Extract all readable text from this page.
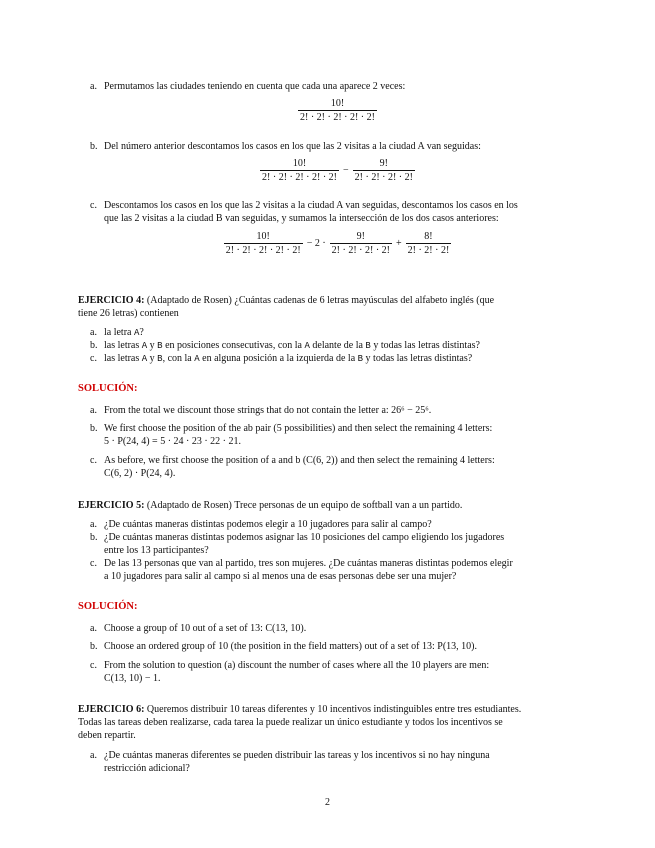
a. Permutamos las ciudades teniendo en cuenta que cada una aparece 2 veces:
$\frac{10!}{2! \cdot 2! \cdot 2! \cdot 2! \cdot 2!}$
b. Del número anterior descontamos los casos en los que las 2 visitas a la ciudad A van seguidas:
$\frac{10!}{2! \cdot 2! \cdot 2! \cdot 2! \cdot 2!} - \frac{9!}{2! \cdot 2! \cdot 2! \cdot 2!}$
c. Descontamos los casos en los que las 2 visitas a la ciudad A van seguidas, descontamos los casos en los
que las 2 visitas a la ciudad B van seguidas, y sumamos la intersección de los dos casos anteriores:
$\frac{10!}{2! \cdot 2! \cdot 2! \cdot 2! \cdot 2!} - 2 \cdot \frac{9!}{2! \cdot 2! \cdot 2! \cdot 2!} + \frac{8!}{2! \cdot 2! \cdot 2!}$
EJERCICIO 4: (Adaptado de Rosen) ¿Cuántas cadenas de 6 letras mayúsculas del alfabeto inglés (que
tiene 26 letras) contienen
a. la letra A?
b. las letras A y B en posiciones consecutivas, con la A delante de la B y todas las letras distintas?
c. las letras A y B, con la A en alguna posición a la izquierda de la B y todas las letras distintas?
SOLUCIÓN:
a. From the total we discount those strings that do not contain the letter a: 26⁶ − 25⁶.
b. We first choose the position of the ab pair (5 possibilities) and then select the remaining 4 letters:
5 · P(24, 4) = 5 · 24 · 23 · 22 · 21.
c. As before, we first choose the position of a and b (C(6, 2)) and then select the remaining 4 letters:
C(6, 2) · P(24, 4).
EJERCICIO 5: (Adaptado de Rosen) Trece personas de un equipo de softball van a un partido.
a. ¿De cuántas maneras distintas podemos elegir a 10 jugadores para salir al campo?
b. ¿De cuántas maneras distintas podemos asignar las 10 posiciones del campo eligiendo los jugadores
entre los 13 participantes?
c. De las 13 personas que van al partido, tres son mujeres. ¿De cuántas maneras distintas podemos elegir
a 10 jugadores para salir al campo si al menos una de esas personas debe ser una mujer?
SOLUCIÓN:
a. Choose a group of 10 out of a set of 13: C(13, 10).
b. Choose an ordered group of 10 (the position in the field matters) out of a set of 13: P(13, 10).
c. From the solution to question (a) discount the number of cases where all the 10 players are men:
C(13, 10) − 1.
EJERCICIO 6: Queremos distribuir 10 tareas diferentes y 10 incentivos indistinguibles entre tres estudiantes.
Todas las tareas deben realizarse, cada tarea la puede realizar un único estudiante y todos los incentivos se
deben repartir.
a. ¿De cuántas maneras diferentes se pueden distribuir las tareas y los incentivos si no hay ninguna
restricción adicional?
2
